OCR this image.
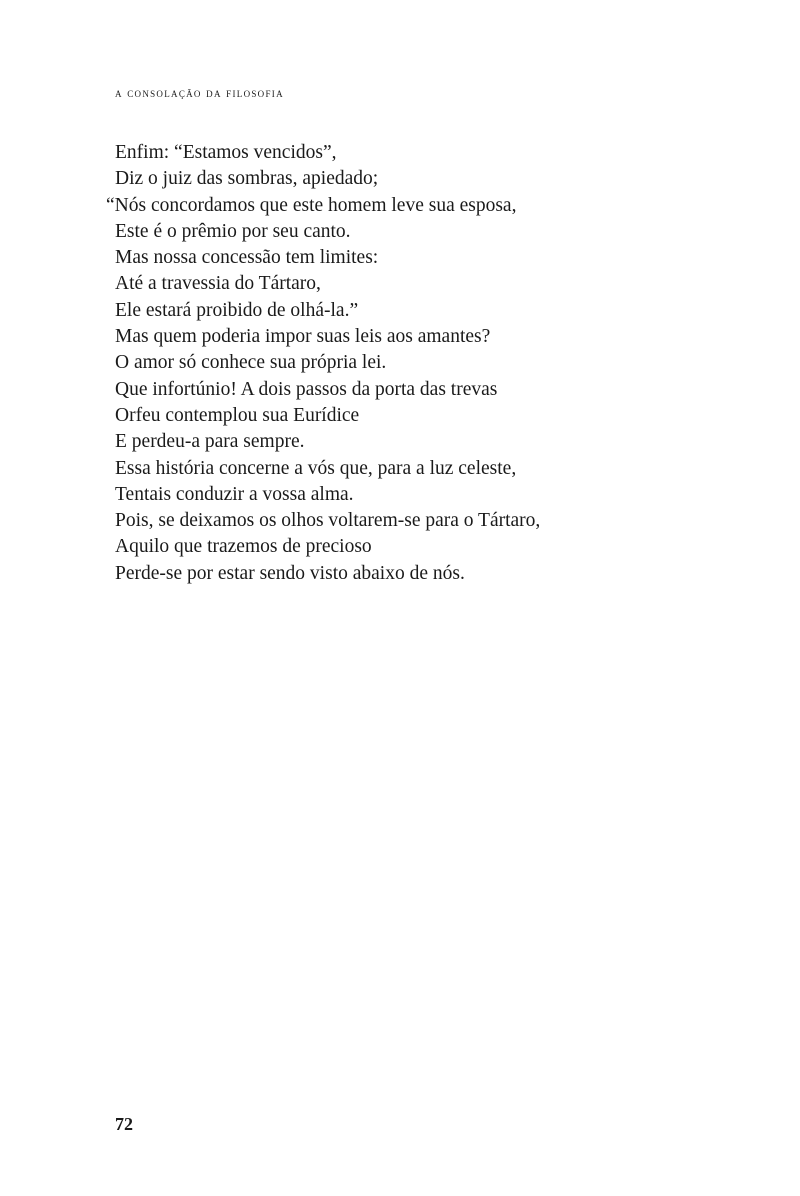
a consolação da filosofia
Enfim: “Estamos vencidos”,
Diz o juiz das sombras, apiedado;
“Nós concordamos que este homem leve sua esposa,
Este é o prêmio por seu canto.
Mas nossa concessão tem limites:
Até a travessia do Tártaro,
Ele estará proibido de olhá-la.”
Mas quem poderia impor suas leis aos amantes?
O amor só conhece sua própria lei.
Que infortúnio! A dois passos da porta das trevas
Orfeu contemplou sua Eurídice
E perdeu-a para sempre.
Essa história concerne a vós que, para a luz celeste,
Tentais conduzir a vossa alma.
Pois, se deixamos os olhos voltarem-se para o Tártaro,
Aquilo que trazemos de precioso
Perde-se por estar sendo visto abaixo de nós.
72
